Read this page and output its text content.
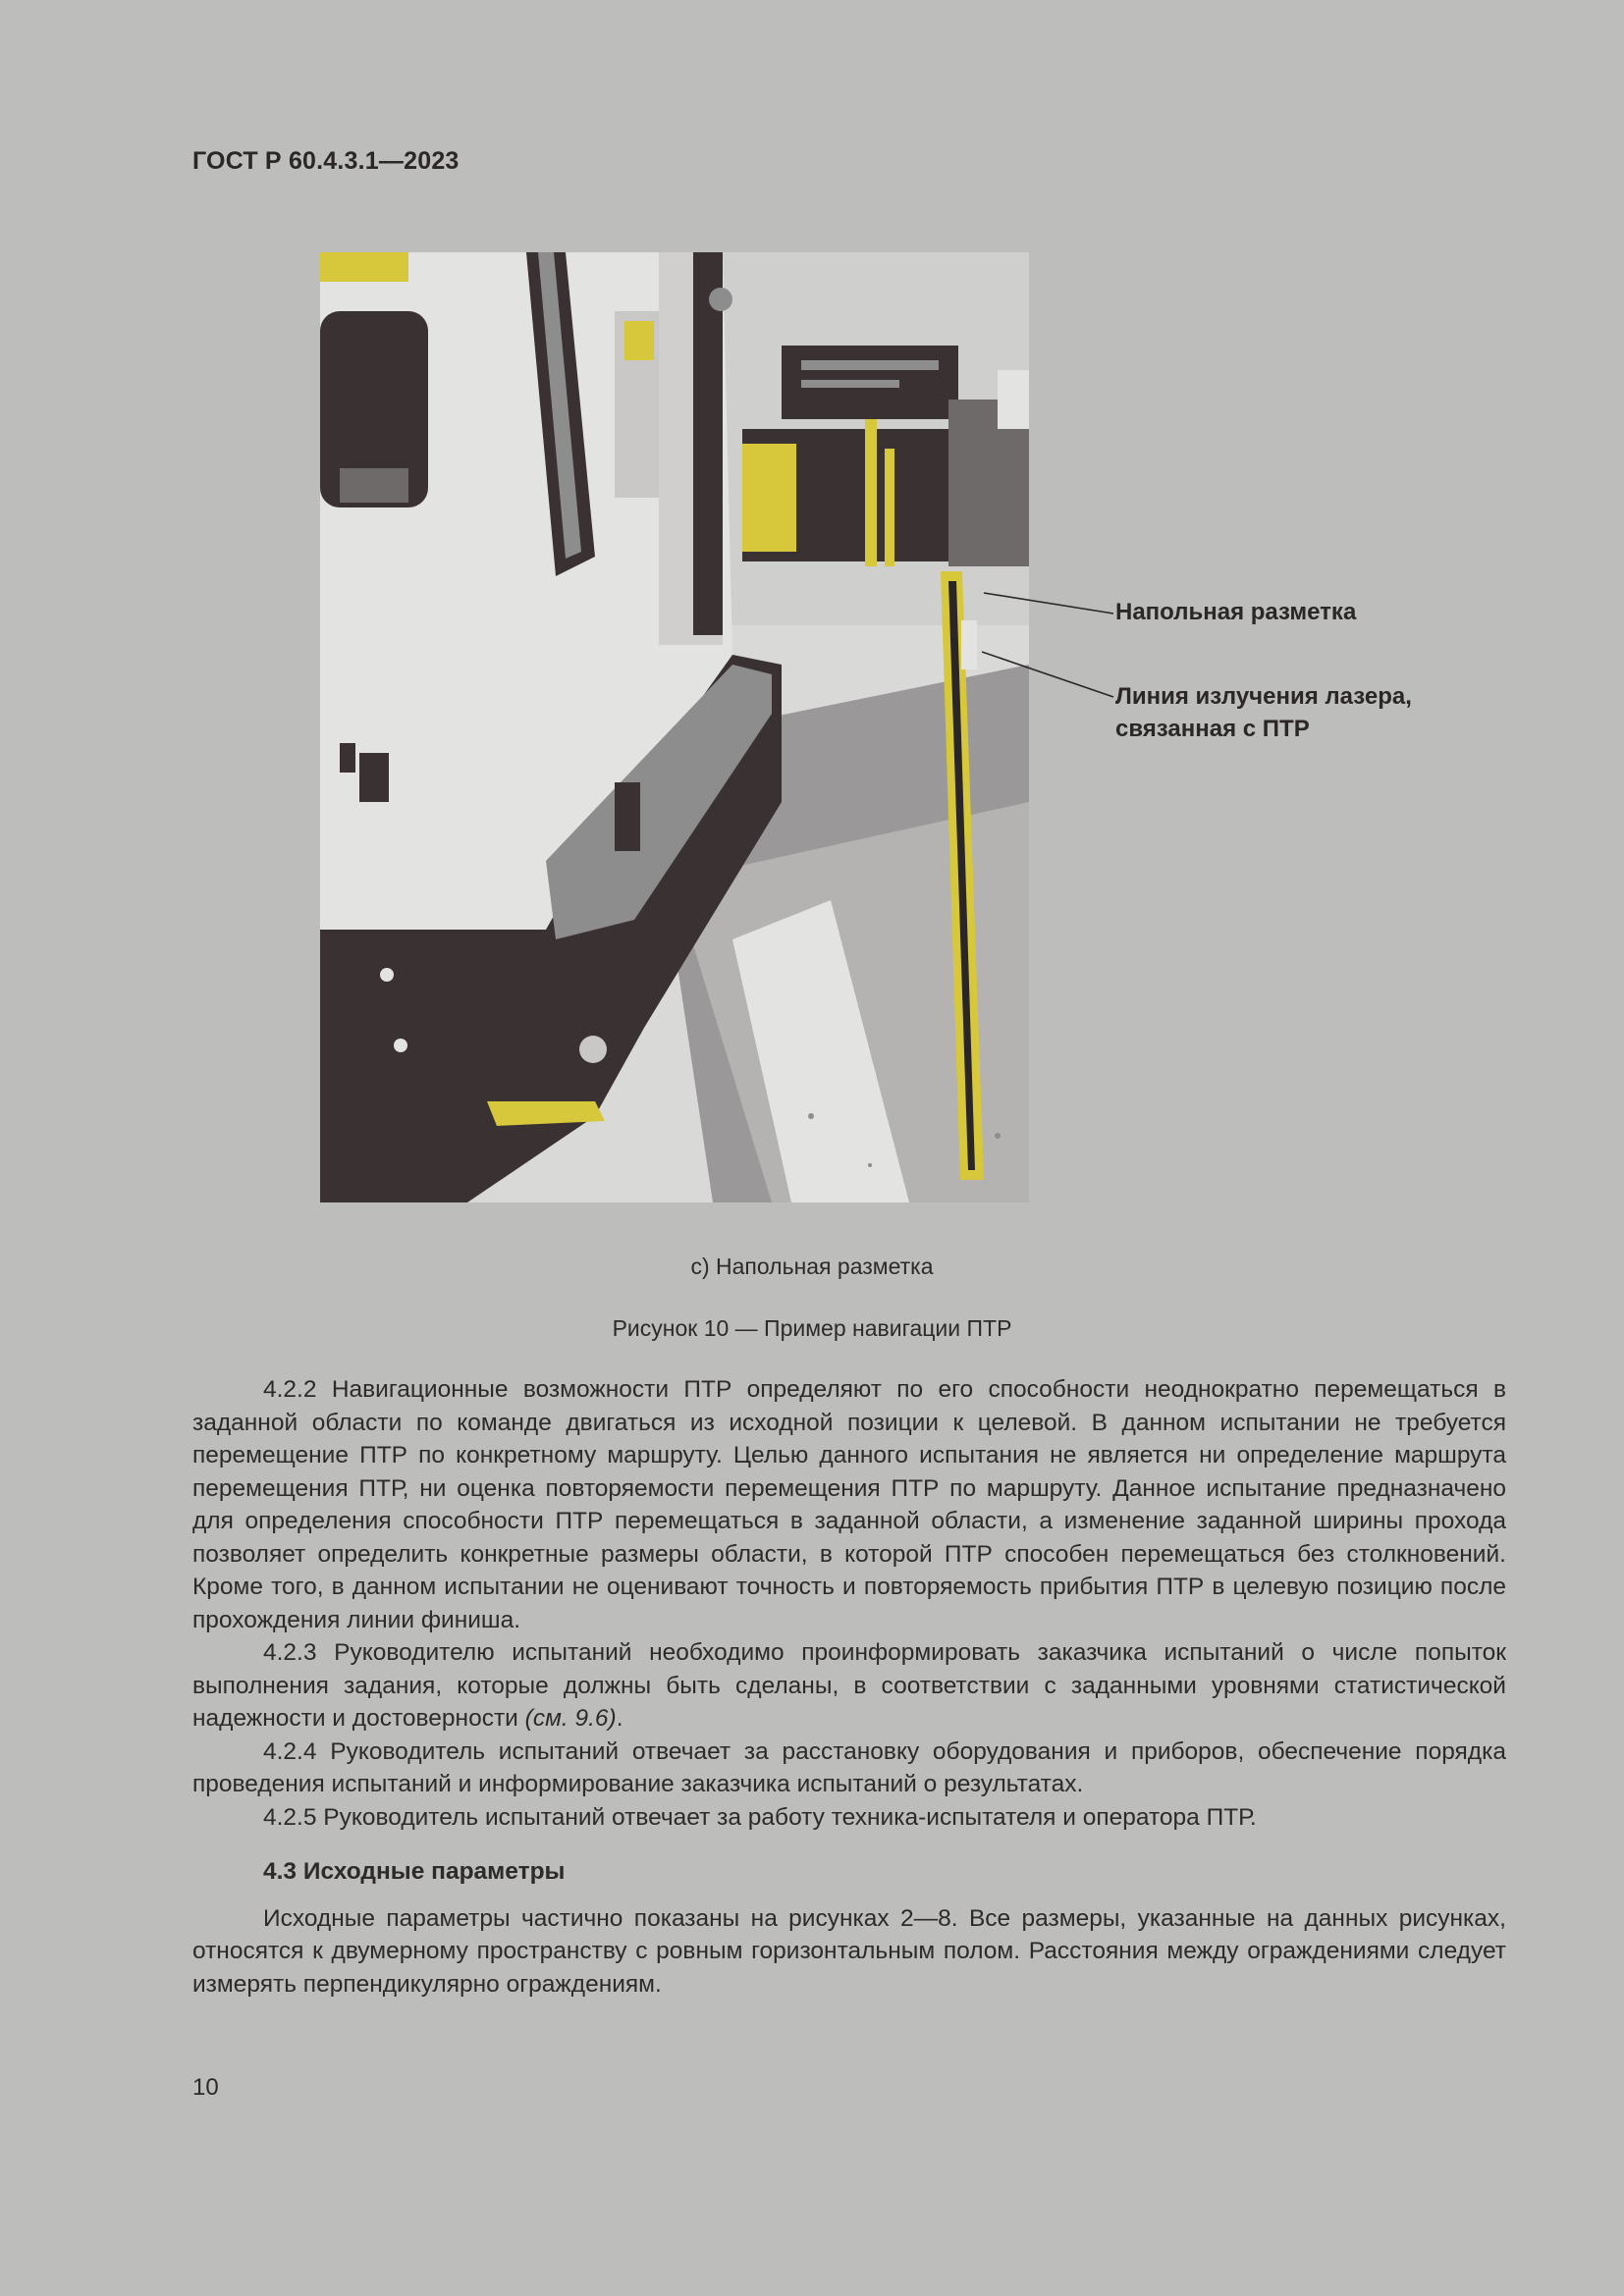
ГОСТ Р 60.4.3.1—2023
Напольная разметка
Линия излучения лазера,
связанная с ПТР
c) Напольная разметка
Рисунок 10 — Пример навигации ПТР

4.2.2 Навигационные возможности ПТР определяют по его способности неоднократно перемещаться в заданной области по команде двигаться из исходной позиции к целевой. В данном испытании не требуется перемещение ПТР по конкретному маршруту. Целью данного испытания не является ни определение маршрута перемещения ПТР, ни оценка повторяемости перемещения ПТР по маршруту. Данное испытание предназначено для определения способности ПТР перемещаться в заданной области, а изменение заданной ширины прохода позволяет определить конкретные размеры области, в которой ПТР способен перемещаться без столкновений. Кроме того, в данном испытании не оценивают точность и повторяемость прибытия ПТР в целевую позицию после прохождения линии финиша.

4.2.3 Руководителю испытаний необходимо проинформировать заказчика испытаний о числе попыток выполнения задания, которые должны быть сделаны, в соответствии с заданными уровнями статистической надежности и достоверности (см. 9.6).

4.2.4 Руководитель испытаний отвечает за расстановку оборудования и приборов, обеспечение порядка проведения испытаний и информирование заказчика испытаний о результатах.

4.2.5 Руководитель испытаний отвечает за работу техника-испытателя и оператора ПТР.

4.3 Исходные параметры

Исходные параметры частично показаны на рисунках 2—8. Все размеры, указанные на данных рисунках, относятся к двумерному пространству с ровным горизонтальным полом. Расстояния между ограждениями следует измерять перпендикулярно ограждениям.

10
